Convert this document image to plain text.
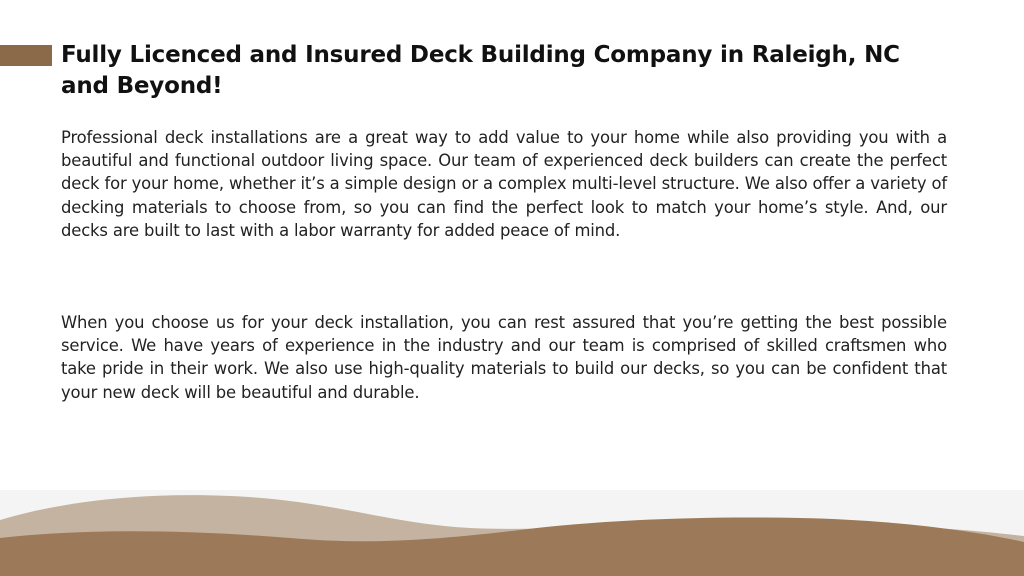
Fully Licenced and Insured Deck Building Company in Raleigh, NC and Beyond!

Professional deck installations are a great way to add value to your home while also providing you with a beautiful and functional outdoor living space. Our team of experienced deck builders can create the perfect deck for your home, whether it’s a simple design or a complex multi-level structure. We also offer a variety of decking materials to choose from, so you can find the perfect look to match your home’s style. And, our decks are built to last with a labor warranty for added peace of mind.

When you choose us for your deck installation, you can rest assured that you’re getting the best possible service. We have years of experience in the industry and our team is comprised of skilled craftsmen who take pride in their work. We also use high-quality materials to build our decks, so you can be confident that your new deck will be beautiful and durable.
